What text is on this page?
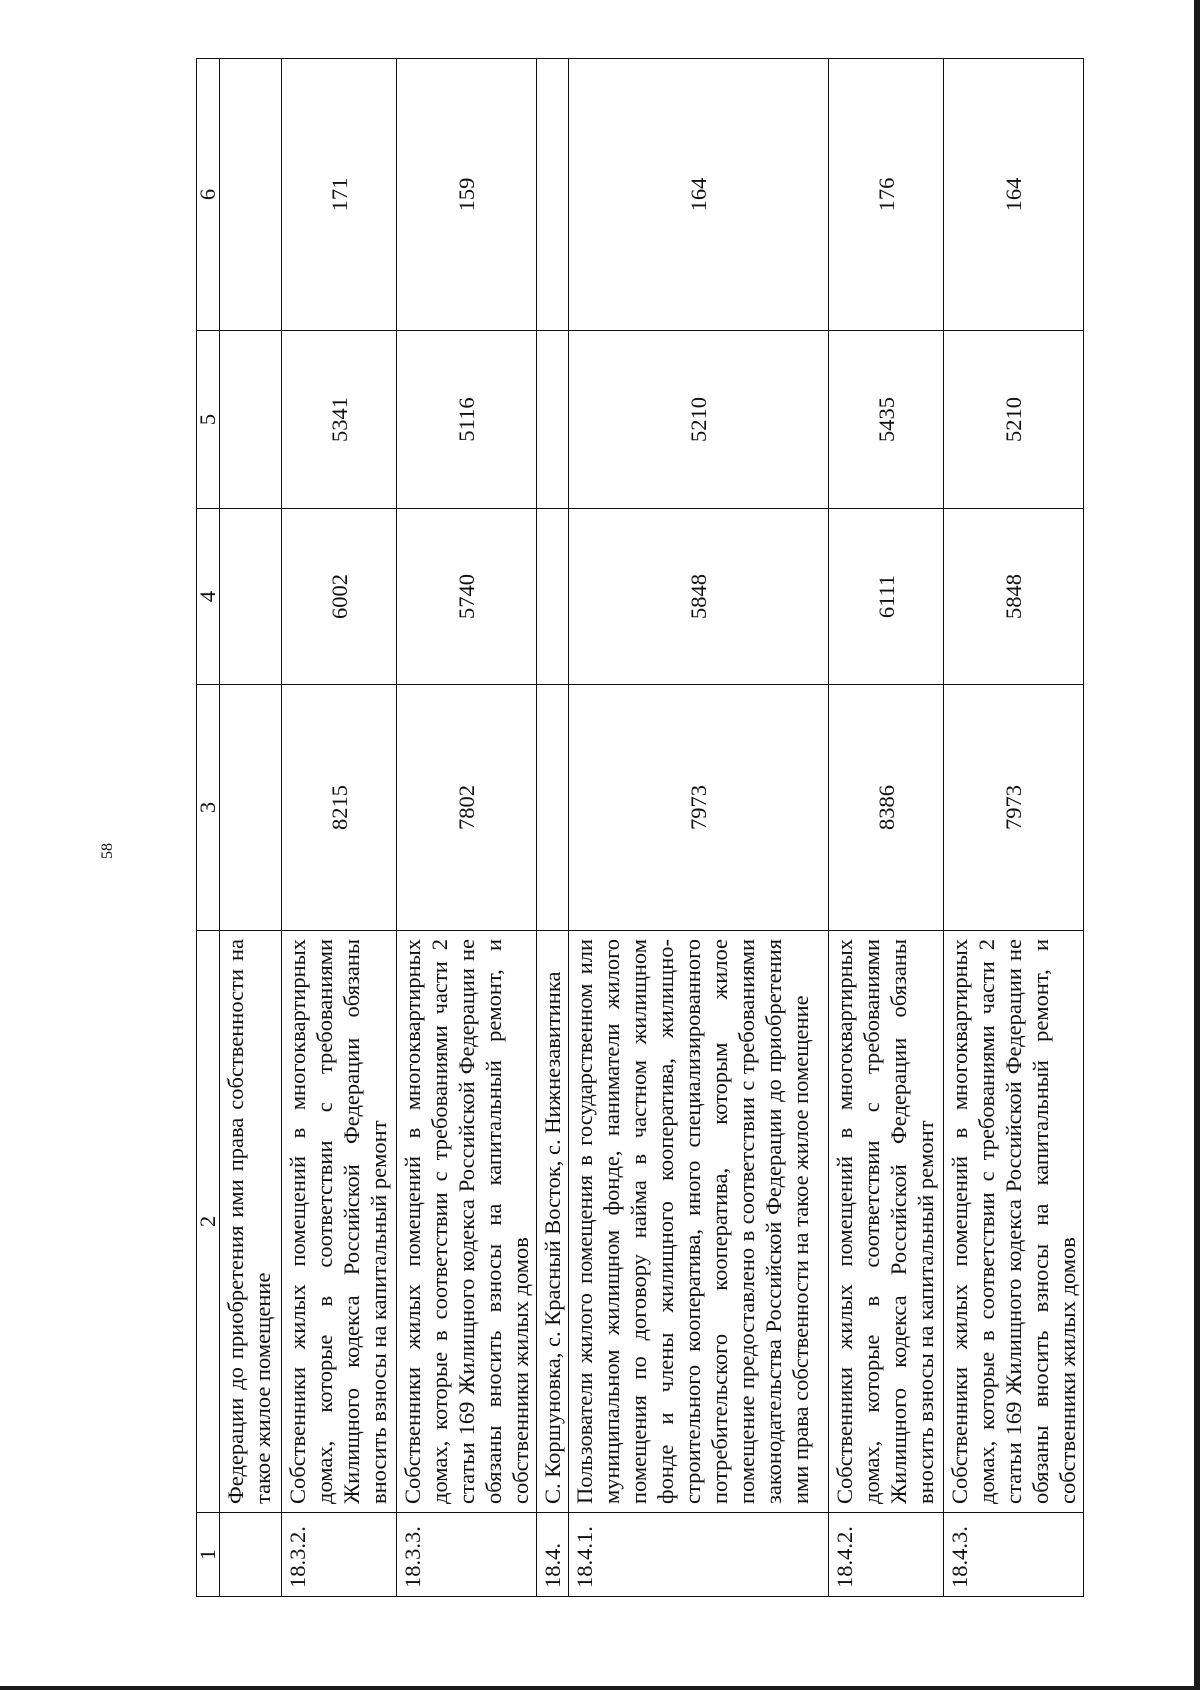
58
1	2	3	4	5	6
	Федерации до приобретения ими права собственности на такое жилое помещение				
18.3.2.	Собственники жилых помещений в многоквартирных домах, которые в соответствии с требованиями Жилищного кодекса Российской Федерации обязаны вносить взносы на капитальный ремонт	8215	6002	5341	171
18.3.3.	Собственники жилых помещений в многоквартирных домах, которые в соответствии с требованиями части 2 статьи 169 Жилищного кодекса Российской Федерации не обязаны вносить взносы на капитальный ремонт, и собственники жилых домов	7802	5740	5116	159
18.4.	С. Коршуновка, с. Красный Восток, с. Нижнезавитинка				
18.4.1.	Пользователи жилого помещения в государственном или муниципальном жилищном фонде, наниматели жилого помещения по договору найма в частном жилищном фонде и члены жилищного кооператива, жилищно-строительного кооператива, иного специализированного потребительского кооператива, которым жилое помещение предоставлено в соответствии с требованиями законодательства Российской Федерации до приобретения ими права собственности на такое жилое помещение	7973	5848	5210	164
18.4.2.	Собственники жилых помещений в многоквартирных домах, которые в соответствии с требованиями Жилищного кодекса Российской Федерации обязаны вносить взносы на капитальный ремонт	8386	6111	5435	176
18.4.3.	Собственники жилых помещений в многоквартирных домах, которые в соответствии с требованиями части 2 статьи 169 Жилищного кодекса Российской Федерации не обязаны вносить взносы на капитальный ремонт, и собственники жилых домов	7973	5848	5210	164
